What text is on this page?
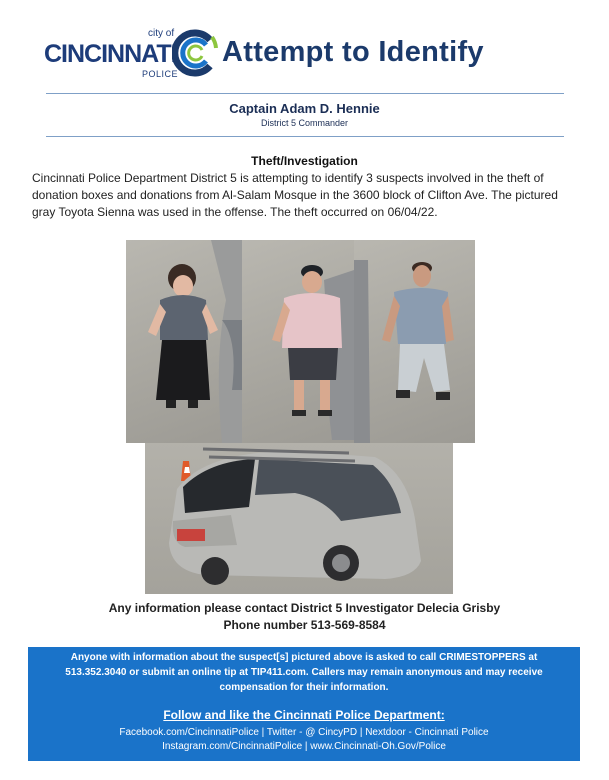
city of
CINCINNATI
POLICE
Attempt to Identify
Captain Adam D. Hennie
District 5 Commander
Theft/Investigation
Cincinnati Police Department District 5 is attempting to identify 3 suspects involved in the theft of donation boxes and donations from Al-Salam Mosque in the 3600 block of Clifton Ave. The pictured gray Toyota Sienna was used in the offense. The theft occurred on 06/04/22.
Any information please contact District 5 Investigator Delecia Grisby
Phone number 513-569-8584
Anyone with information about the suspect[s] pictured above is asked to call CRIMESTOPPERS at
513.352.3040 or submit an online tip at TIP411.com. Callers may remain anonymous and may receive
compensation for their information.
Follow and like the Cincinnati Police Department:
Facebook.com/CincinnatiPolice | Twitter - @ CincyPD | Nextdoor - Cincinnati Police
Instagram.com/CincinnatiPolice | www.Cincinnati-Oh.Gov/Police
